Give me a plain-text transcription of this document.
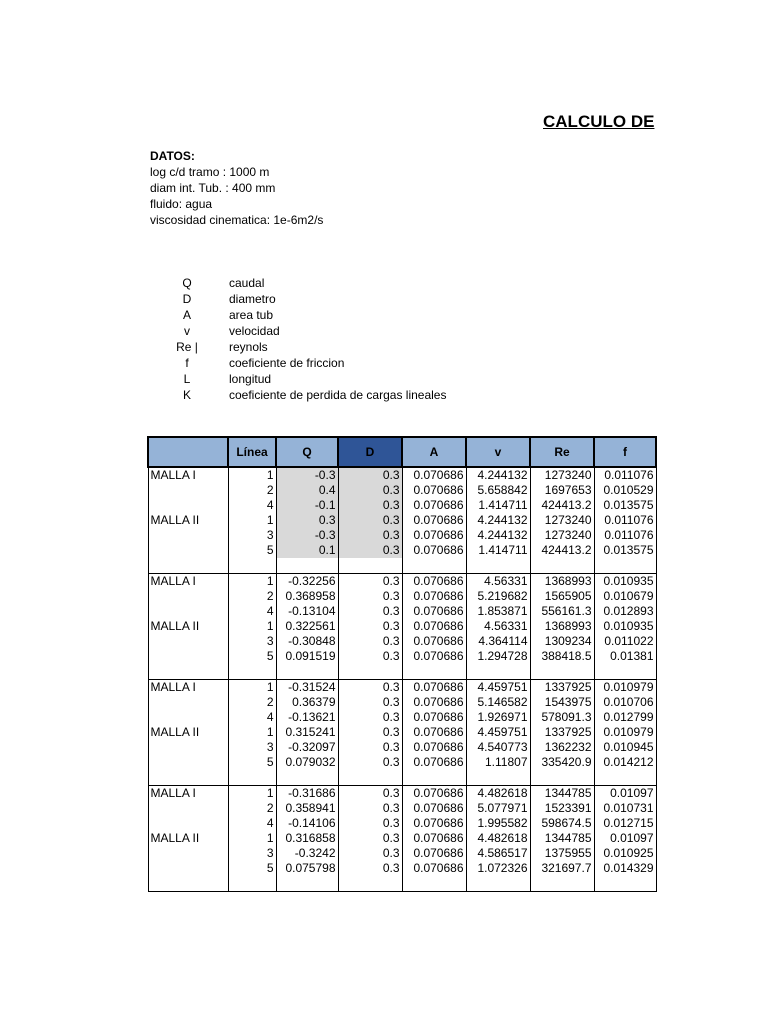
CALCULO DE
DATOS:
log c/d tramo : 1000 m
diam int. Tub. : 400 mm
fluido: agua
viscosidad cinematica: 1e-6m2/s
Q	caudal
D	diametro
A	area tub
v	velocidad
Re |	reynols
f	coeficiente de friccion
L	longitud
K	coeficiente de perdida de cargas lineales
	Línea	Q	D	A	v	Re	f
MALLA I	1	-0.3	0.3	0.070686	4.244132	1273240	0.011076
	2	0.4	0.3	0.070686	5.658842	1697653	0.010529
	4	-0.1	0.3	0.070686	1.414711	424413.2	0.013575
MALLA II	1	0.3	0.3	0.070686	4.244132	1273240	0.011076
	3	-0.3	0.3	0.070686	4.244132	1273240	0.011076
	5	0.1	0.3	0.070686	1.414711	424413.2	0.013575

MALLA I	1	-0.32256	0.3	0.070686	4.56331	1368993	0.010935
	2	0.368958	0.3	0.070686	5.219682	1565905	0.010679
	4	-0.13104	0.3	0.070686	1.853871	556161.3	0.012893
MALLA II	1	0.322561	0.3	0.070686	4.56331	1368993	0.010935
	3	-0.30848	0.3	0.070686	4.364114	1309234	0.011022
	5	0.091519	0.3	0.070686	1.294728	388418.5	0.01381

MALLA I	1	-0.31524	0.3	0.070686	4.459751	1337925	0.010979
	2	0.36379	0.3	0.070686	5.146582	1543975	0.010706
	4	-0.13621	0.3	0.070686	1.926971	578091.3	0.012799
MALLA II	1	0.315241	0.3	0.070686	4.459751	1337925	0.010979
	3	-0.32097	0.3	0.070686	4.540773	1362232	0.010945
	5	0.079032	0.3	0.070686	1.11807	335420.9	0.014212

MALLA I	1	-0.31686	0.3	0.070686	4.482618	1344785	0.01097
	2	0.358941	0.3	0.070686	5.077971	1523391	0.010731
	4	-0.14106	0.3	0.070686	1.995582	598674.5	0.012715
MALLA II	1	0.316858	0.3	0.070686	4.482618	1344785	0.01097
	3	-0.3242	0.3	0.070686	4.586517	1375955	0.010925
	5	0.075798	0.3	0.070686	1.072326	321697.7	0.014329
